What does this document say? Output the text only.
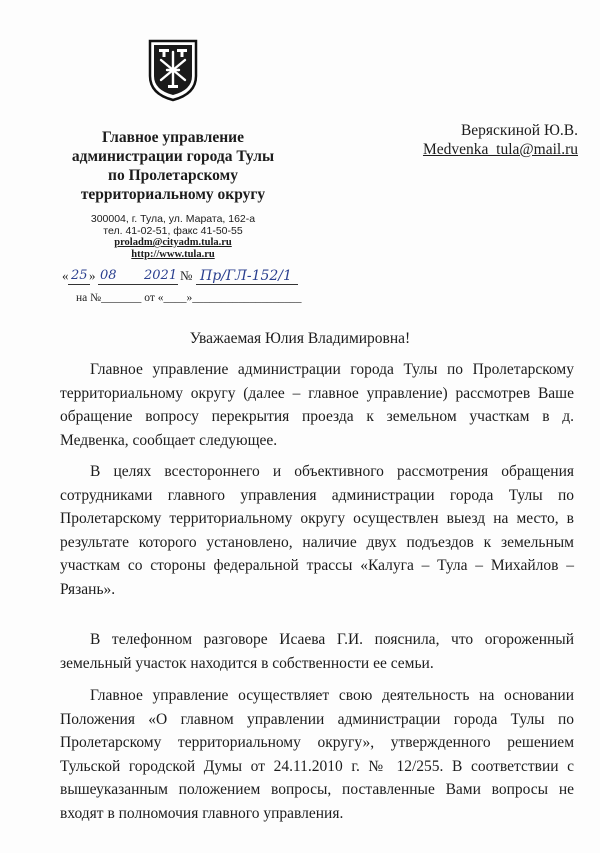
Главное управление
администрации города Тулы
по Пролетарскому
территориальному округу
300004, г. Тула, ул. Марата, 162-а
тел. 41-02-51, факс 41-50-55
proladm@cityadm.tula.ru
http://www.tula.ru
Веряскиной Ю.В.
Medvenka_tula@mail.ru
« 25 » 08 2021 № Пр/ГЛ-152/1
на №_______ от «____»___________________
Уважаемая Юлия Владимировна!
Главное управление администрации города Тулы по Пролетарскому территориальному округу (далее – главное управление) рассмотрев Ваше обращение вопросу перекрытия проезда к земельном участкам в д. Медвенка, сообщает следующее.
В целях всестороннего и объективного рассмотрения обращения сотрудниками главного управления администрации города Тулы по Пролетарскому территориальному округу осуществлен выезд на место, в результате которого установлено, наличие двух подъездов к земельным участкам со стороны федеральной трассы «Калуга – Тула – Михайлов – Рязань».
В телефонном разговоре Исаева Г.И. пояснила, что огороженный земельный участок находится в собственности ее семьи.
Главное управление осуществляет свою деятельность на основании Положения «О главном управлении администрации города Тулы по Пролетарскому территориальному округу», утвержденного решением Тульской городской Думы от 24.11.2010 г. № 12/255. В соответствии с вышеуказанным положением вопросы, поставленные Вами вопросы не входят в полномочия главного управления.
